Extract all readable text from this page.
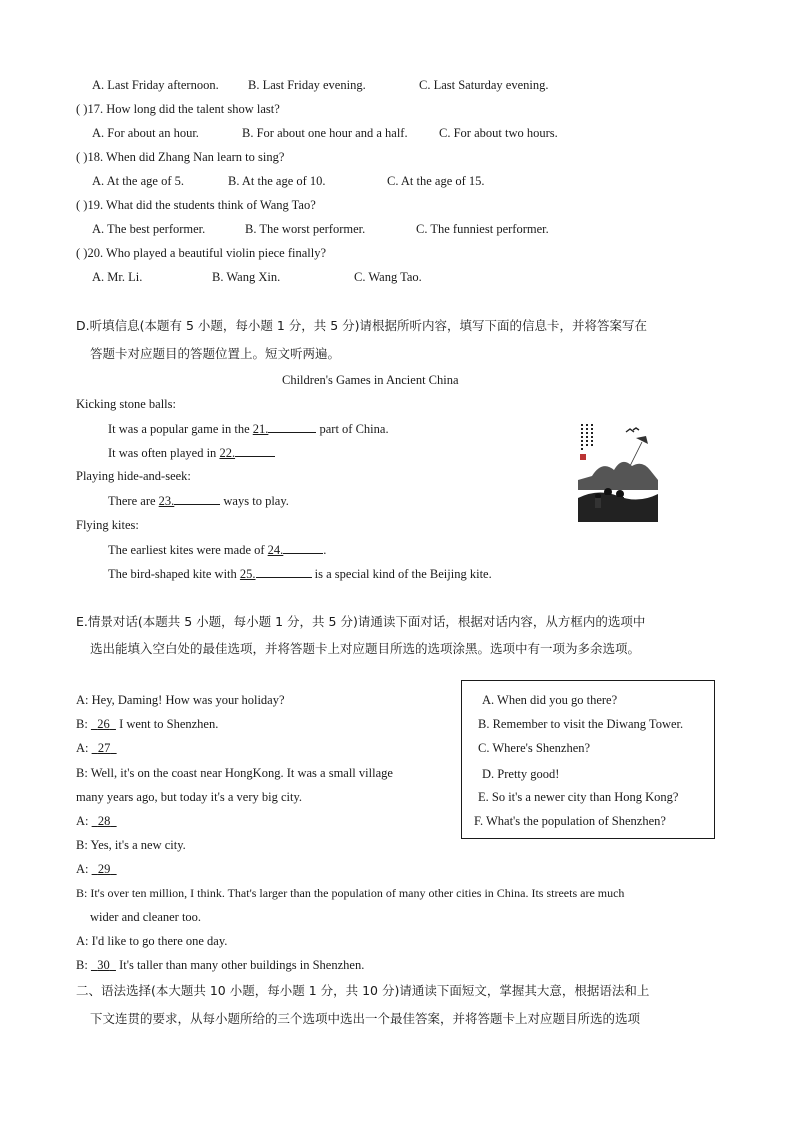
A. Last Friday afternoon. B. Last Friday evening.	C. Last Saturday evening.
( )17. How long did the talent show last?
A. For about an hour.	B. For about one hour and a half.	C. For about two hours.
( )18. When did Zhang Nan learn to sing?
A. At the age of 5.	B. At the age of 10.	C. At the age of 15.
( )19. What did the students think of Wang Tao?
A. The best performer.	B. The worst performer.	C. The funniest performer.
( )20. Who played a beautiful violin piece finally?
A. Mr. Li.	B. Wang Xin.	C. Wang Tao.
D.听填信息(本题有 5 小题，每小题 1 分，共 5 分)请根据所听内容，填写下面的信息卡，并将答案写在
答题卡对应题目的答题位置上。短文听两遍。
Children's Games in Ancient China
Kicking stone balls:
It was a popular game in the 21.	part of China.
It was often played in 22.
Playing hide-and-seek:
There are 23.	ways to play.
Flying kites:
The earliest kites were made of 24.	.
The bird-shaped kite with 25.	is a special kind of the Beijing kite.
E.情景对话(本题共 5 小题，每小题 1 分，共 5 分)请通读下面对话，根据对话内容，从方框内的选项中
选出能填入空白处的最佳选项，并将答题卡上对应题目所选的选项涂黑。选项中有一项为多余选项。
A: Hey, Daming! How was your holiday?
B:   26   I went to Shenzhen.
A:   27
B: Well, it's on the coast near HongKong. It was a small village
many years ago, but today it's a very big city.
A:   28
B: Yes, it's a new city.
A:   29
B: It's over ten million, I think. That's larger than the population of many other cities in China. Its streets are much
wider and cleaner too.
A: I'd like to go there one day.
B:   30   It's taller than many other buildings in Shenzhen.
A. When did you go there?
B. Remember to visit the Diwang Tower.
C. Where's Shenzhen?
D. Pretty good!
E. So it's a newer city than Hong Kong?
F. What's the population of Shenzhen?
二、语法选择(本大题共 10 小题，每小题 1 分，共 10 分)请通读下面短文，掌握其大意，根据语法和上
下文连贯的要求，从每小题所给的三个选项中选出一个最佳答案，并将答题卡上对应题目所选的选项
